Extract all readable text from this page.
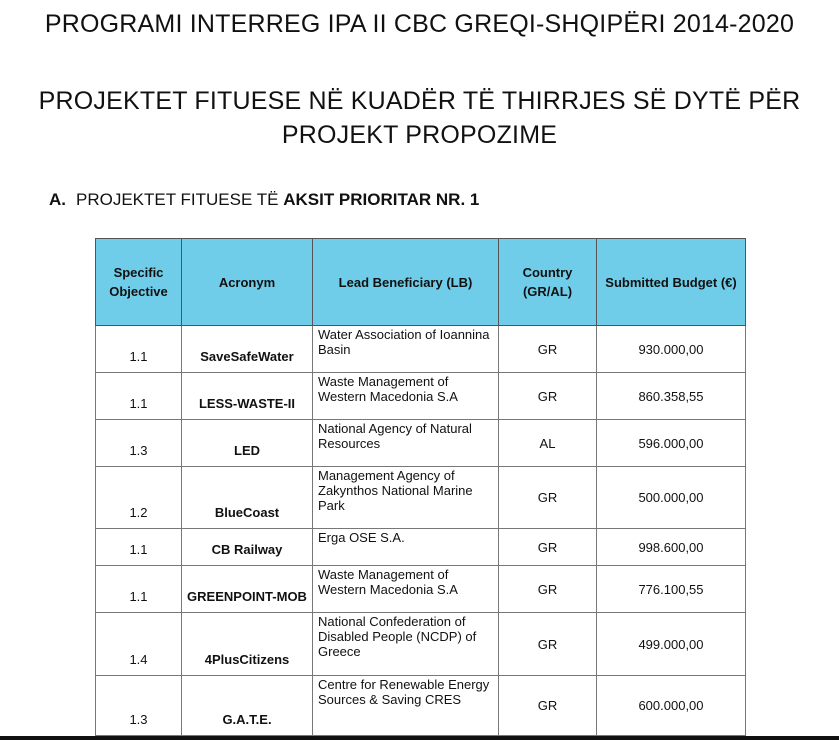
PROGRAMI INTERREG IPA II CBC GREQI-SHQIPËRI 2014-2020
PROJEKTET FITUESE NË KUADËR TË THIRRJES SË DYTË PËR PROJEKT PROPOZIME
A. PROJEKTET FITUESE TË AKSIT PRIORITAR NR. 1
Specific Objective	Acronym	Lead Beneficiary (LB)	Country (GR/AL)	Submitted Budget (€)
1.1	SaveSafeWater	Water Association of Ioannina Basin	GR	930.000,00
1.1	LESS-WASTE-II	Waste Management of Western Macedonia S.A	GR	860.358,55
1.3	LED	National Agency of Natural Resources	AL	596.000,00
1.2	BlueCoast	Management Agency of Zakynthos National Marine Park	GR	500.000,00
1.1	CB Railway	Erga OSE S.A.	GR	998.600,00
1.1	GREENPOINT-MOB	Waste Management of Western Macedonia S.A	GR	776.100,55
1.4	4PlusCitizens	National Confederation of Disabled People (NCDP) of Greece	GR	499.000,00
1.3	G.A.T.E.	Centre for Renewable Energy Sources & Saving CRES	GR	600.000,00
